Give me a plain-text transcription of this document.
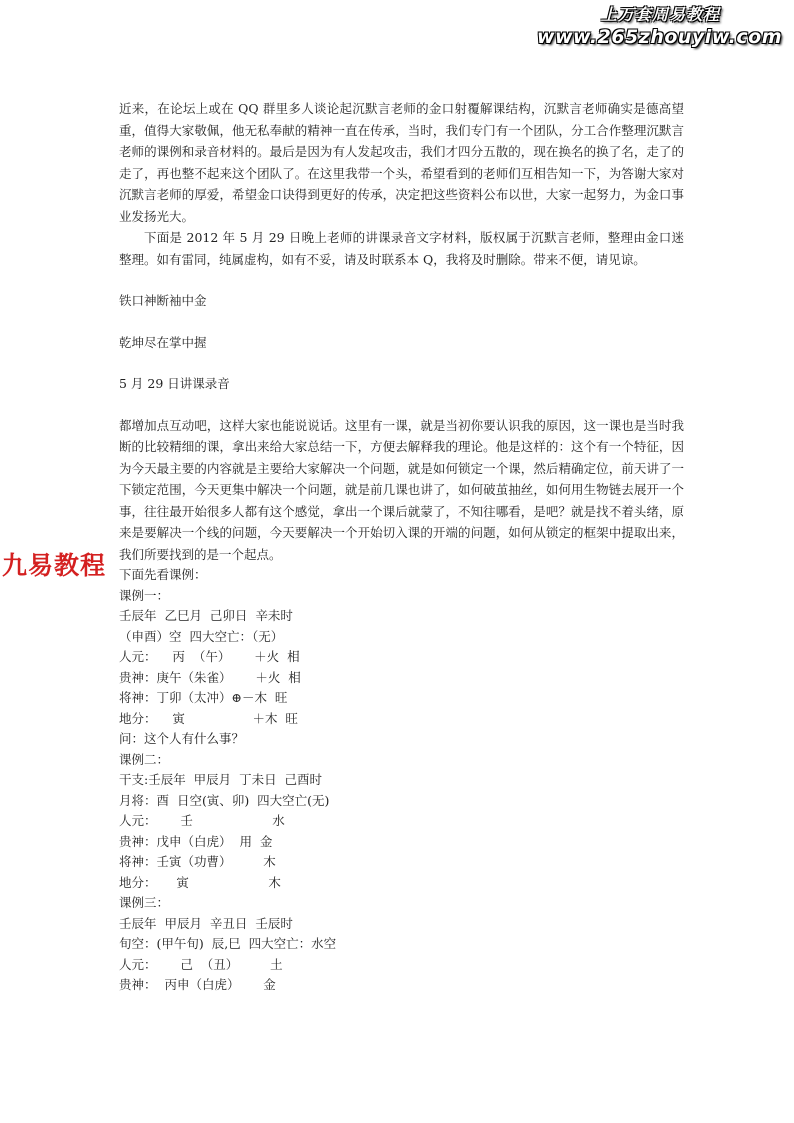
上万套周易教程
www.265zhouyiw.com
九易教程

近来，在论坛上或在 QQ 群里多人谈论起沉默言老师的金口射覆解课结构，沉默言老师确实是德高望重，值得大家敬佩，他无私奉献的精神一直在传承，当时，我们专门有一个团队，分工合作整理沉默言老师的课例和录音材料的。最后是因为有人发起攻击，我们才四分五散的，现在换名的换了名，走了的走了，再也整不起来这个团队了。在这里我带一个头，希望看到的老师们互相告知一下，为答谢大家对沉默言老师的厚爱，希望金口诀得到更好的传承，决定把这些资料公布以世，大家一起努力，为金口事业发扬光大。

下面是 2012 年 5 月 29 日晚上老师的讲课录音文字材料，版权属于沉默言老师，整理由金口迷整理。如有雷同，纯属虚构，如有不妥，请及时联系本 Q，我将及时删除。带来不便，请见谅。

铁口神断袖中金

乾坤尽在掌中握

5 月 29 日讲课录音

都增加点互动吧，这样大家也能说说话。这里有一课，就是当初你要认识我的原因，这一课也是当时我断的比较精细的课，拿出来给大家总结一下，方便去解释我的理论。他是这样的：这个有一个特征，因为今天最主要的内容就是主要给大家解决一个问题，就是如何锁定一个课，然后精确定位，前天讲了一下锁定范围，今天更集中解决一个问题，就是前几课也讲了，如何破茧抽丝，如何用生物链去展开一个事，往往最开始很多人都有这个感觉，拿出一个课后就蒙了，不知往哪看，是吧？就是找不着头绪，原来是要解决一个线的问题，今天要解决一个开始切入课的开端的问题，如何从锁定的框架中提取出来，我们所要找到的是一个起点。

下面先看课例：

课例一：

壬辰年  乙巳月  己卯日  辛未时

（申酉）空  四大空亡：（无）

人元：    丙  （午）      ＋火  相

贵神：庚午（朱雀）      ＋火  相

将神：丁卯（太冲）⊕－木  旺

地分：    寅                 ＋木  旺

问：这个人有什么事？

课例二：

干支:壬辰年  甲辰月  丁未日  己酉时

月将：酉  日空(寅、卯)  四大空亡(无)

人元：      壬                    水

贵神：戊申（白虎）  用  金

将神：壬寅（功曹）        木

地分：     寅                    木

课例三：

壬辰年  甲辰月  辛丑日  壬辰时

旬空：(甲午旬)  辰,巳  四大空亡：水空

人元：      己  （丑）        土

贵神：  丙申（白虎）      金
